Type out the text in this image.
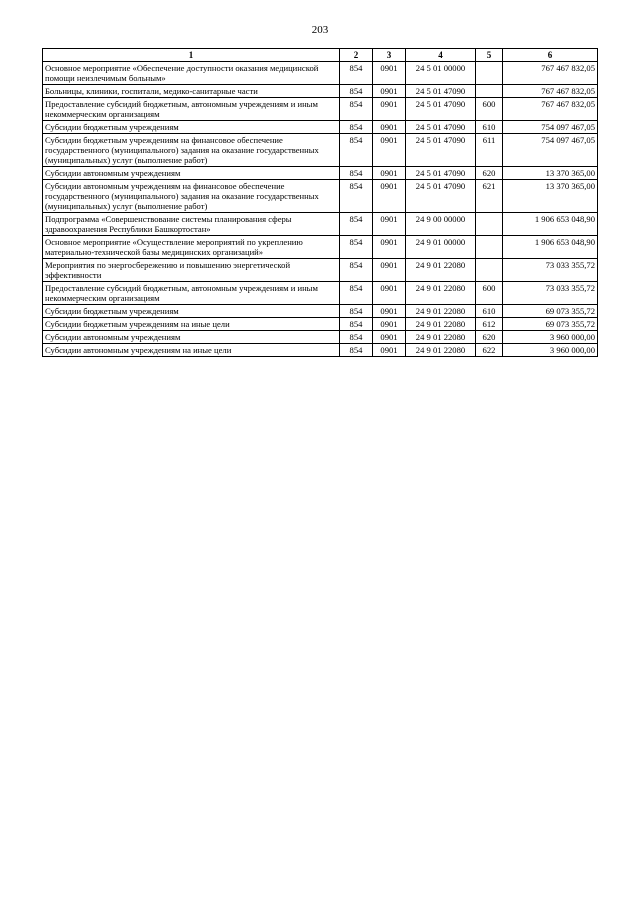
203
1	2	3	4	5	6
Основное мероприятие «Обеспечение доступности оказания медицинской помощи неизлечимым больным»	854	0901	24 5 01 00000		767 467 832,05
Больницы, клиники, госпитали, медико-санитарные части	854	0901	24 5 01 47090		767 467 832,05
Предоставление субсидий бюджетным, автономным учреждениям и иным некоммерческим организациям	854	0901	24 5 01 47090	600	767 467 832,05
Субсидии бюджетным учреждениям	854	0901	24 5 01 47090	610	754 097 467,05
Субсидии бюджетным учреждениям на финансовое обеспечение государственного (муниципального) задания на оказание государственных (муниципальных) услуг (выполнение работ)	854	0901	24 5 01 47090	611	754 097 467,05
Субсидии автономным учреждениям	854	0901	24 5 01 47090	620	13 370 365,00
Субсидии автономным учреждениям на финансовое обеспечение государственного (муниципального) задания на оказание государственных (муниципальных) услуг (выполнение работ)	854	0901	24 5 01 47090	621	13 370 365,00
Подпрограмма «Совершенствование системы планирования сферы здравоохранения Республики Башкортостан»	854	0901	24 9 00 00000		1 906 653 048,90
Основное мероприятие «Осуществление мероприятий по укреплению материально-технической базы медицинских организаций»	854	0901	24 9 01 00000		1 906 653 048,90
Мероприятия по энергосбережению и повышению энергетической эффективности	854	0901	24 9 01 22080		73 033 355,72
Предоставление субсидий бюджетным, автономным учреждениям и иным некоммерческим организациям	854	0901	24 9 01 22080	600	73 033 355,72
Субсидии бюджетным учреждениям	854	0901	24 9 01 22080	610	69 073 355,72
Субсидии бюджетным учреждениям на иные цели	854	0901	24 9 01 22080	612	69 073 355,72
Субсидии автономным учреждениям	854	0901	24 9 01 22080	620	3 960 000,00
Субсидии автономным учреждениям на иные цели	854	0901	24 9 01 22080	622	3 960 000,00
